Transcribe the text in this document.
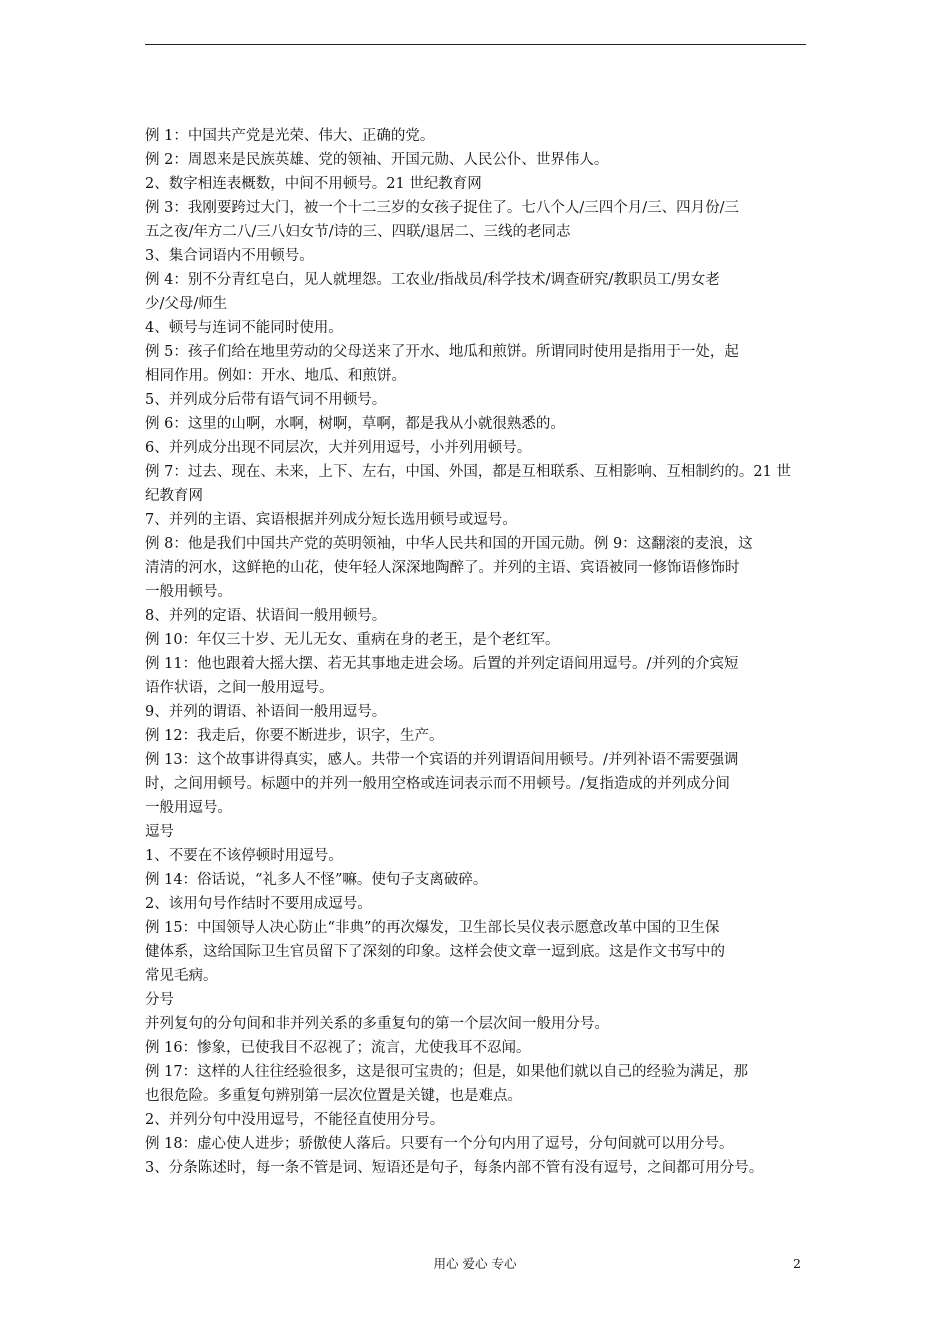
例 1：中国共产党是光荣、伟大、正确的党。
例 2：周恩来是民族英雄、党的领袖、开国元勋、人民公仆、世界伟人。
2、数字相连表概数，中间不用顿号。21 世纪教育网
例 3：我刚要跨过大门，被一个十二三岁的女孩子捉住了。七八个人/三四个月/三、四月份/三
五之夜/年方二八/三八妇女节/诗的三、四联/退居二、三线的老同志
3、集合词语内不用顿号。
例 4：别不分青红皂白，见人就埋怨。工农业/指战员/科学技术/调查研究/教职员工/男女老
少/父母/师生
4、顿号与连词不能同时使用。
例 5：孩子们给在地里劳动的父母送来了开水、地瓜和煎饼。所谓同时使用是指用于一处，起
相同作用。例如：开水、地瓜、和煎饼。
5、并列成分后带有语气词不用顿号。
例 6：这里的山啊，水啊，树啊，草啊，都是我从小就很熟悉的。
6、并列成分出现不同层次，大并列用逗号，小并列用顿号。
例 7：过去、现在、未来，上下、左右，中国、外国，都是互相联系、互相影响、互相制约的。21 世
纪教育网
7、并列的主语、宾语根据并列成分短长选用顿号或逗号。
例 8：他是我们中国共产党的英明领袖，中华人民共和国的开国元勋。例 9：这翻滚的麦浪，这
清清的河水，这鲜艳的山花，使年轻人深深地陶醉了。并列的主语、宾语被同一修饰语修饰时
一般用顿号。
8、并列的定语、状语间一般用顿号。
例 10：年仅三十岁、无儿无女、重病在身的老王，是个老红军。
例 11：他也跟着大摇大摆、若无其事地走进会场。后置的并列定语间用逗号。/并列的介宾短
语作状语，之间一般用逗号。
9、并列的谓语、补语间一般用逗号。
例 12：我走后，你要不断进步，识字，生产。
例 13：这个故事讲得真实，感人。共带一个宾语的并列谓语间用顿号。/并列补语不需要强调
时，之间用顿号。标题中的并列一般用空格或连词表示而不用顿号。/复指造成的并列成分间
一般用逗号。
逗号
1、不要在不该停顿时用逗号。
例 14：俗话说，“礼多人不怪”嘛。使句子支离破碎。
2、该用句号作结时不要用成逗号。
例 15：中国领导人决心防止“非典”的再次爆发，卫生部长吴仪表示愿意改革中国的卫生保
健体系，这给国际卫生官员留下了深刻的印象。这样会使文章一逗到底。这是作文书写中的
常见毛病。
分号
并列复句的分句间和非并列关系的多重复句的第一个层次间一般用分号。
例 16：惨象，已使我目不忍视了；流言，尤使我耳不忍闻。
例 17：这样的人往往经验很多，这是很可宝贵的；但是，如果他们就以自己的经验为满足，那
也很危险。多重复句辨别第一层次位置是关键，也是难点。
2、并列分句中没用逗号，不能径直使用分号。
例 18：虚心使人进步；骄傲使人落后。只要有一个分句内用了逗号，分句间就可以用分号。
3、分条陈述时，每一条不管是词、短语还是句子，每条内部不管有没有逗号，之间都可用分号。
用心 爱心 专心	2
